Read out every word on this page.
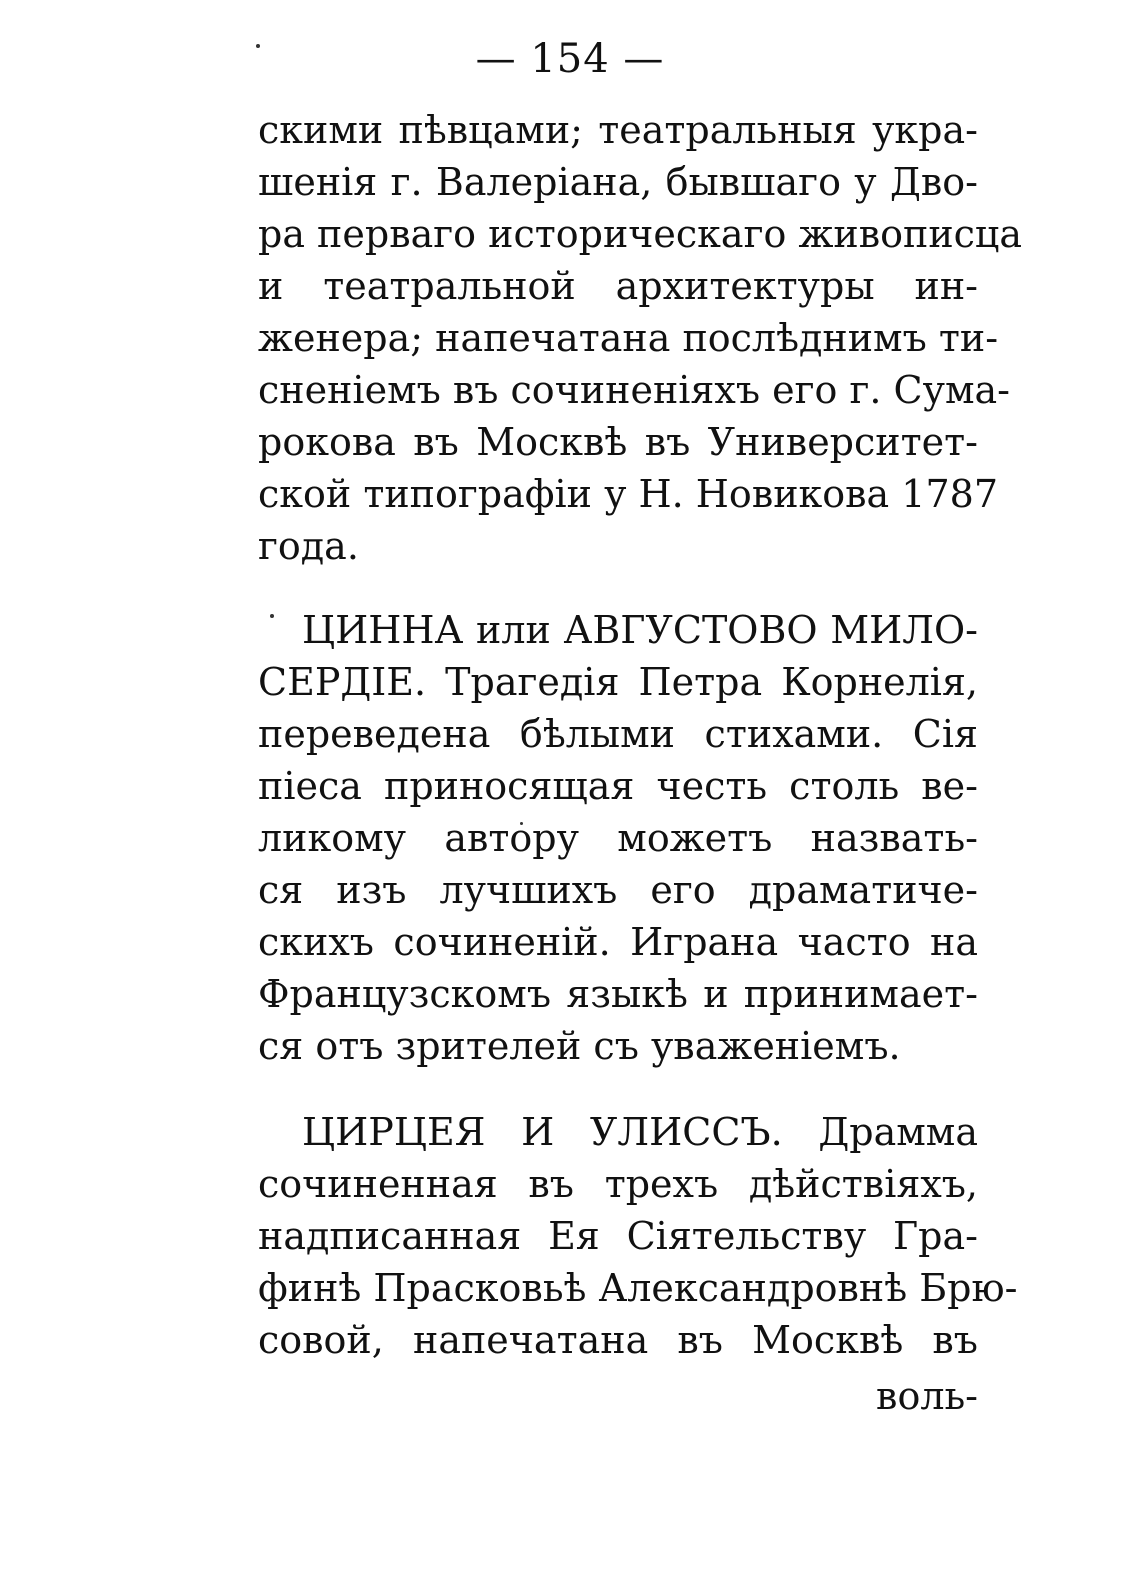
— 154 —
скими пѣвцами; театральныя укра-
шенія г. Валеріана, бывшаго у Дво-
ра перваго историческаго живописца
и театральной архитектуры ин-
женера; напечатана послѣднимъ ти-
сненіемъ въ сочиненіяхъ его г. Сума-
рокова въ Москвѣ въ Университет-
ской типографіи у Н. Новикова 1787
года.
ЦИННА или АВГУСТОВО МИЛО-
СЕРДІЕ. Трагедія Петра Корнелія,
переведена бѣлыми стихами. Сія
піеса приносящая честь столь ве-
ликому автору можетъ назвать-
ся изъ лучшихъ его драматиче-
скихъ сочиненій. Играна часто на
Французскомъ языкѣ и принимает-
ся отъ зрителей съ уваженіемъ.
ЦИРЦЕЯ И УЛИССЪ. Драмма
сочиненная въ трехъ дѣйствіяхъ,
надписанная Ея Сіятельству Гра-
финѣ Прасковьѣ Александровнѣ Брю-
совой, напечатана въ Москвѣ въ
воль-
